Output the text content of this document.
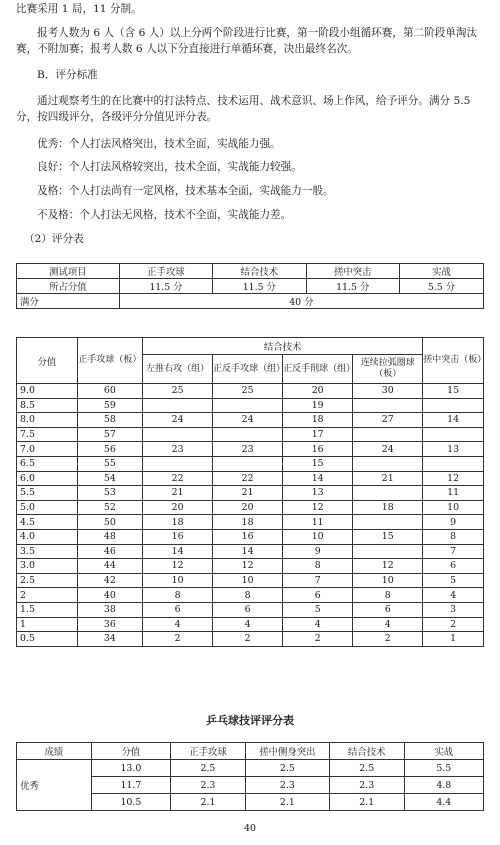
比赛采用 1 局，11 分制。

报考人数为 6 人（含 6 人）以上分两个阶段进行比赛，第一阶段小组循环赛，第二阶段单淘汰赛，不附加赛；报考人数 6 人以下分直接进行单循环赛，决出最终名次。

B．评分标准

通过观察考生的在比赛中的打法特点、技术运用、战术意识、场上作风，给予评分。满分 5.5 分，按四级评分，各级评分分值见评分表。

优秀：个人打法风格突出，技术全面，实战能力强。

良好：个人打法风格较突出，技术全面，实战能力较强。

及格：个人打法尚有一定风格，技术基本全面，实战能力一般。

不及格：个人打法无风格，技术不全面，实战能力差。

（2）评分表

测试项目	正手攻球	结合技术	搓中突击	实战
所占分值	11.5 分	11.5 分	11.5 分	5.5 分
满分	40 分			
分值	正手攻球（板）	结合技术				搓中突击（板）
		左推右攻（组）	正反手攻球（组）	正反手削球（组）	连续拉弧圈球（板）	
9.0	60	25	25	20	30	15
8.5	59			19		
8.0	58	24	24	18	27	14
7.5	57			17		
7.0	56	23	23	16	24	13
6.5	55			15		
6.0	54	22	22	14	21	12
5.5	53	21	21	13		11
5.0	52	20	20	12	18	10
4.5	50	18	18	11		9
4.0	48	16	16	10	15	8
3.5	46	14	14	9		7
3.0	44	12	12	8	12	6
2.5	42	10	10	7	10	5
2	40	8	8	6	8	4
1.5	38	6	6	5	6	3
1	36	4	4	4	4	2
0.5	34	2	2	2	2	1
乒乓球技评评分表
成绩	分值	正手攻球	搓中侧身突出	结合技术	实战
优秀	13.0	2.5	2.5	2.5	5.5
	11.7	2.3	2.3	2.3	4.8
	10.5	2.1	2.1	2.1	4.4
40
